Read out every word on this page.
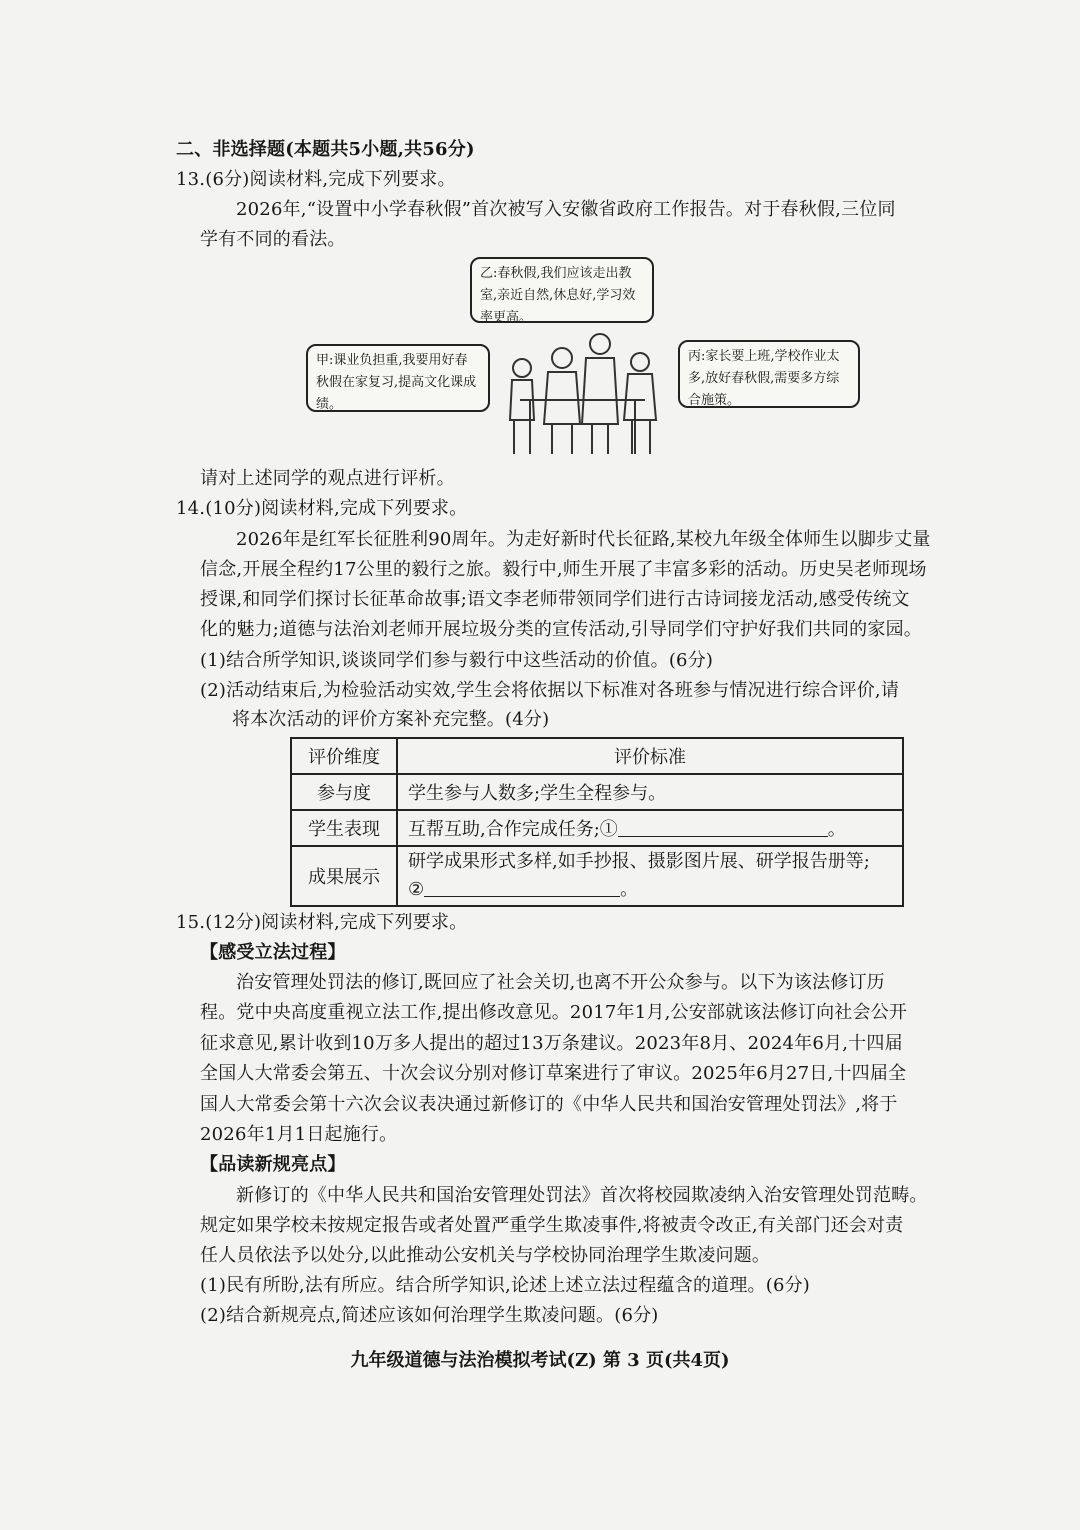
二、非选择题(本题共5小题,共56分)
13.(6分)阅读材料,完成下列要求。
2026年,“设置中小学春秋假”首次被写入安徽省政府工作报告。对于春秋假,三位同
学有不同的看法。
乙:春秋假,我们应该走出教室,亲近自然,休息好,学习效率更高。
甲:课业负担重,我要用好春秋假在家复习,提高文化课成绩。
丙:家长要上班,学校作业太多,放好春秋假,需要多方综合施策。
请对上述同学的观点进行评析。
14.(10分)阅读材料,完成下列要求。
2026年是红军长征胜利90周年。为走好新时代长征路,某校九年级全体师生以脚步丈量
信念,开展全程约17公里的毅行之旅。毅行中,师生开展了丰富多彩的活动。历史吴老师现场
授课,和同学们探讨长征革命故事;语文李老师带领同学们进行古诗词接龙活动,感受传统文
化的魅力;道德与法治刘老师开展垃圾分类的宣传活动,引导同学们守护好我们共同的家园。
(1)结合所学知识,谈谈同学们参与毅行中这些活动的价值。(6分)
(2)活动结束后,为检验活动实效,学生会将依据以下标准对各班参与情况进行综合评价,请
将本次活动的评价方案补充完整。(4分)
评价维度	评价标准
参与度	学生参与人数多;学生全程参与。
学生表现	互帮互助,合作完成任务;① 。
成果展示	研学成果形式多样,如手抄报、摄影图片展、研学报告册等;
② 。
15.(12分)阅读材料,完成下列要求。
【感受立法过程】
治安管理处罚法的修订,既回应了社会关切,也离不开公众参与。以下为该法修订历
程。党中央高度重视立法工作,提出修改意见。2017年1月,公安部就该法修订向社会公开
征求意见,累计收到10万多人提出的超过13万条建议。2023年8月、2024年6月,十四届
全国人大常委会第五、十次会议分别对修订草案进行了审议。2025年6月27日,十四届全
国人大常委会第十六次会议表决通过新修订的《中华人民共和国治安管理处罚法》,将于
2026年1月1日起施行。
【品读新规亮点】
新修订的《中华人民共和国治安管理处罚法》首次将校园欺凌纳入治安管理处罚范畴。
规定如果学校未按规定报告或者处置严重学生欺凌事件,将被责令改正,有关部门还会对责
任人员依法予以处分,以此推动公安机关与学校协同治理学生欺凌问题。
(1)民有所盼,法有所应。结合所学知识,论述上述立法过程蕴含的道理。(6分)
(2)结合新规亮点,简述应该如何治理学生欺凌问题。(6分)
九年级道德与法治模拟考试(Z) 第 3 页(共4页)
